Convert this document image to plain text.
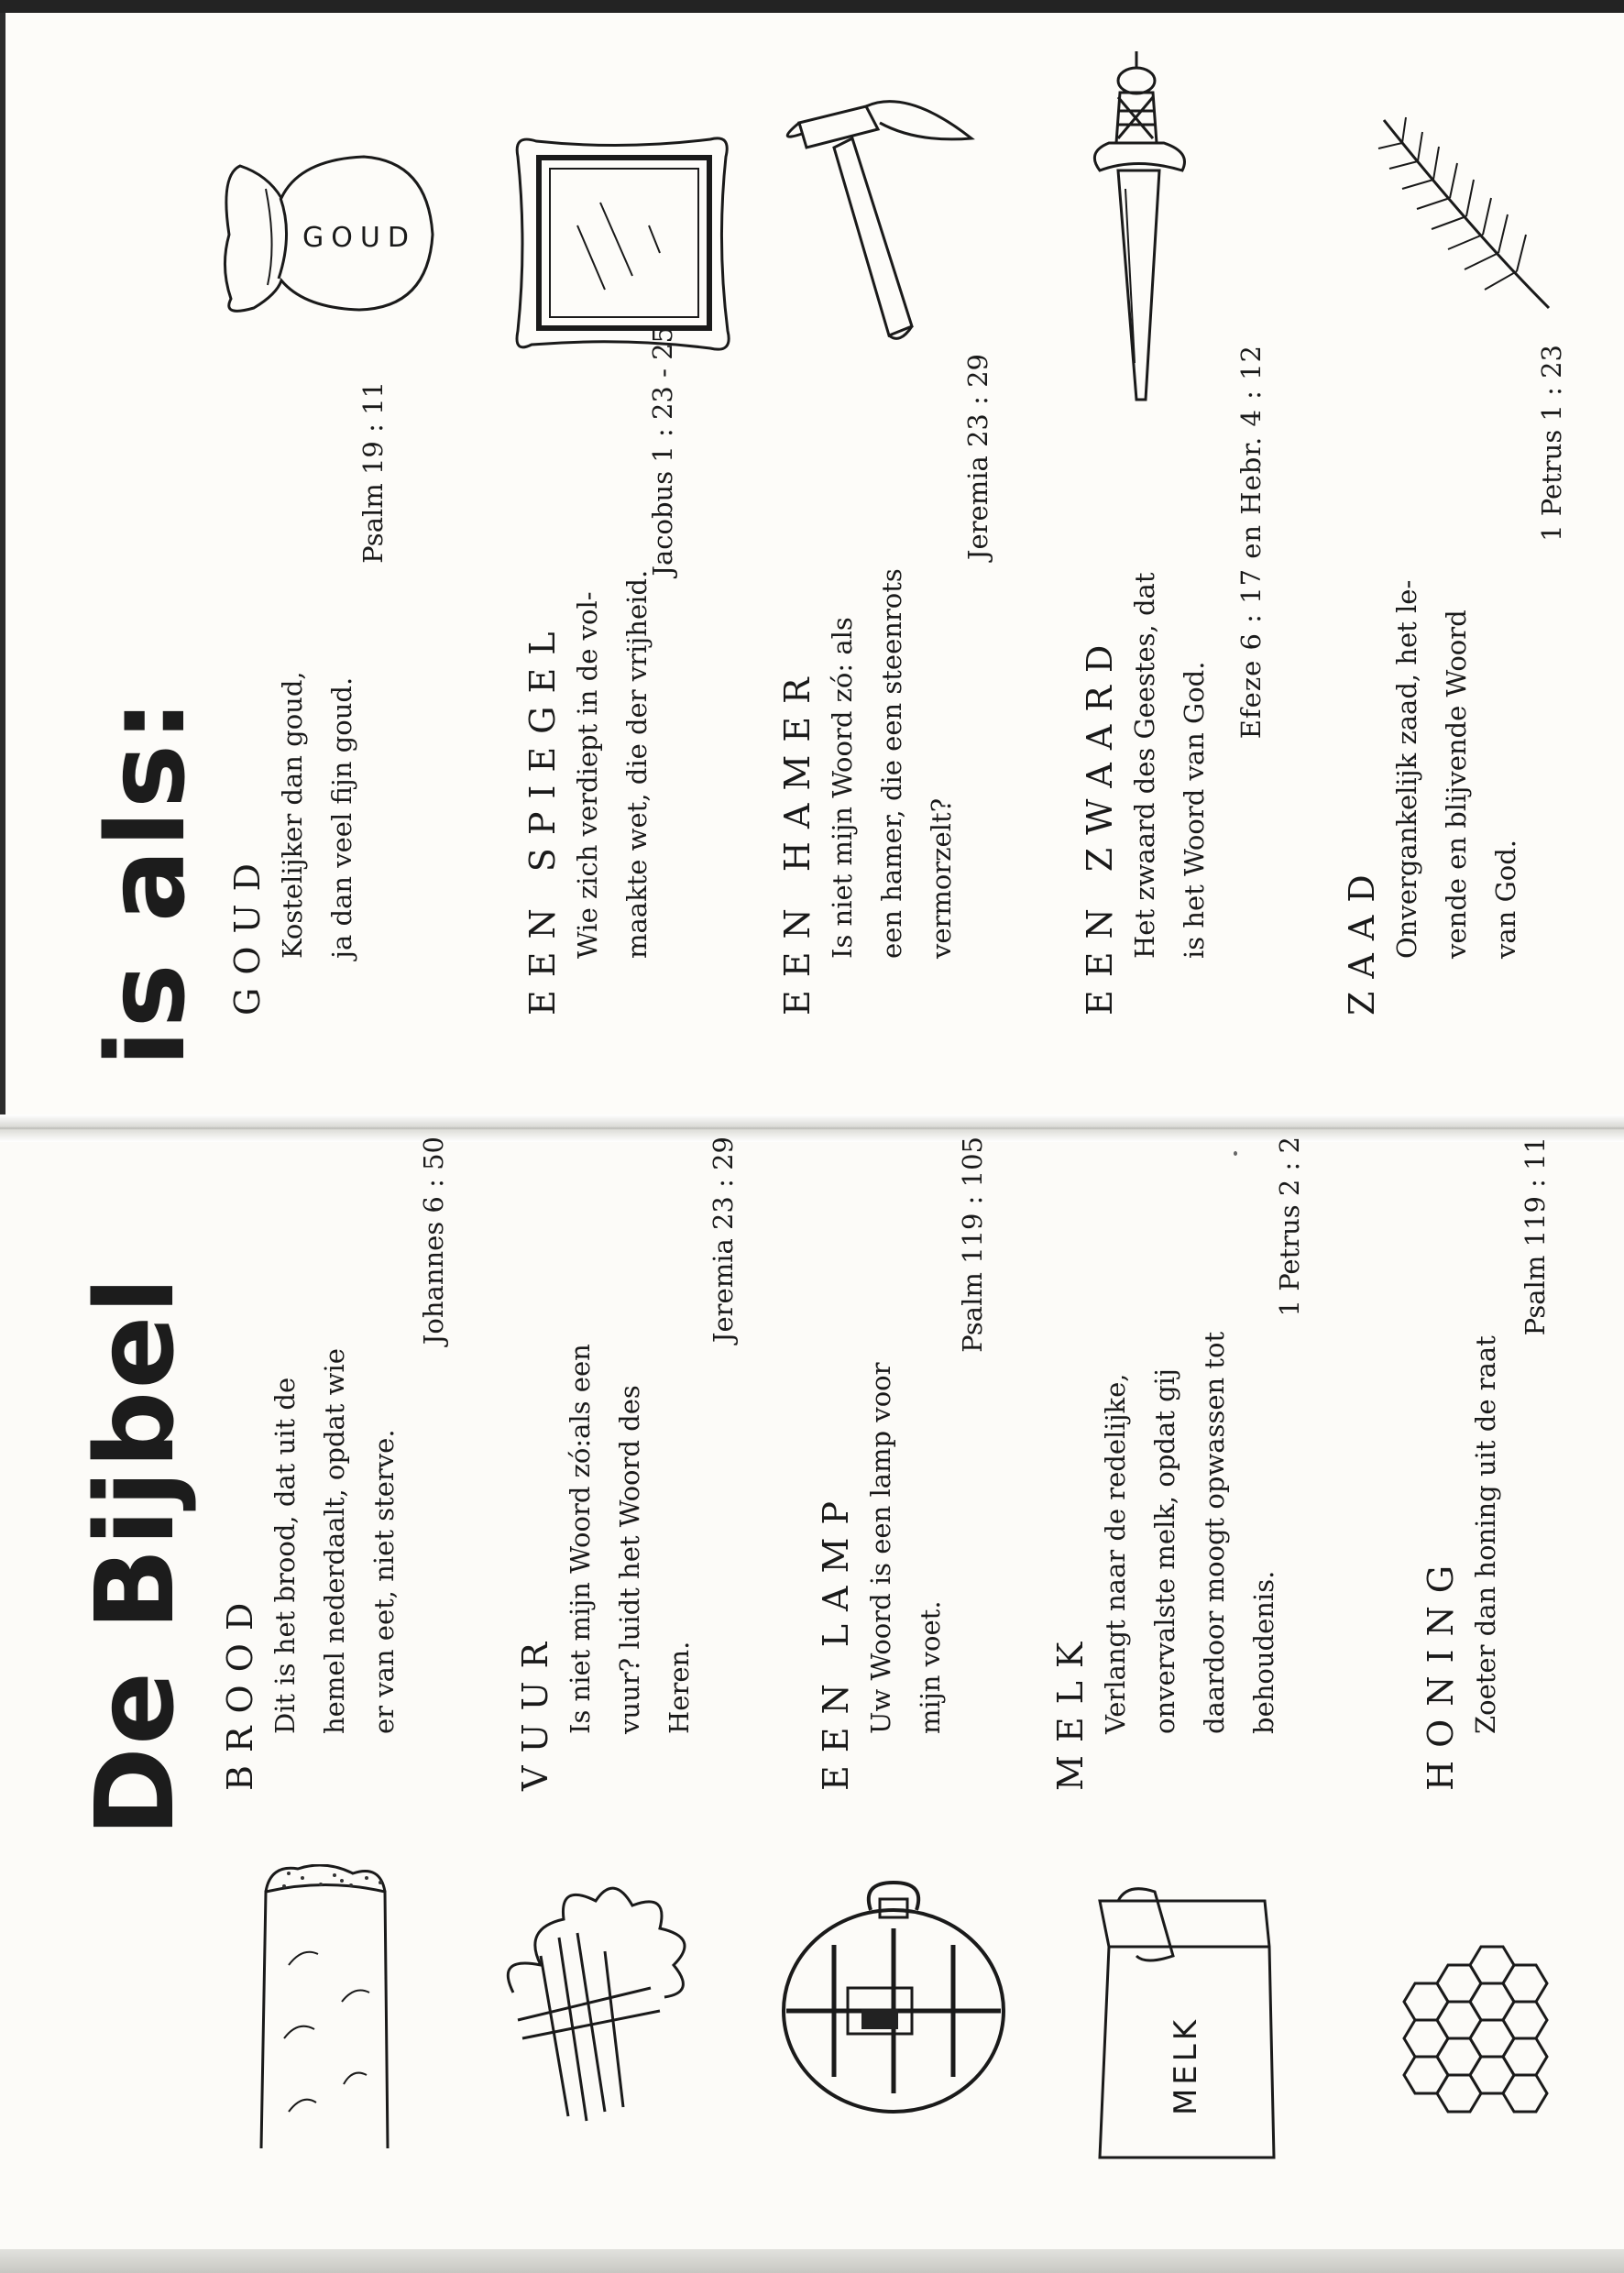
is als: GOUD Kostelijker dan goud, ja dan veel fijn goud.
Psalm 19 : 11
EEN SPIEGEL Wie zich verdiept in de vol- maakte wet, die der vrijheid.
Jacobus 1 : 23 - 25
EEN HAMER Is niet mijn Woord zó: als een hamer, die een steenrots vermorzelt?
Jeremia 23 : 29
EEN ZWAARD Het zwaard des Geestes, dat is het Woord van God.
Efeze 6 : 17 en Hebr. 4 : 12
ZAAD Onvergankelijk zaad, het le- vende en blijvende Woord van God.
1 Petrus 1 : 23
GOUD
De Bijbel BROOD Dit is het brood, dat uit de hemel nederdaalt, opdat wie er van eet, niet sterve.
Johannes 6 : 50
VUUR Is niet mijn Woord zó:als een vuur? luidt het Woord des Heren.
Jeremia 23 : 29
EEN LAMP Uw Woord is een lamp voor mijn voet.
Psalm 119 : 105
MELK Verlangt naar de redelijke, onvervalste melk, opdat gij daardoor moogt opwassen tot behoudenis.
1 Petrus 2 : 2
HONING Zoeter dan honing uit de raat
Psalm 119 : 11
MELK
